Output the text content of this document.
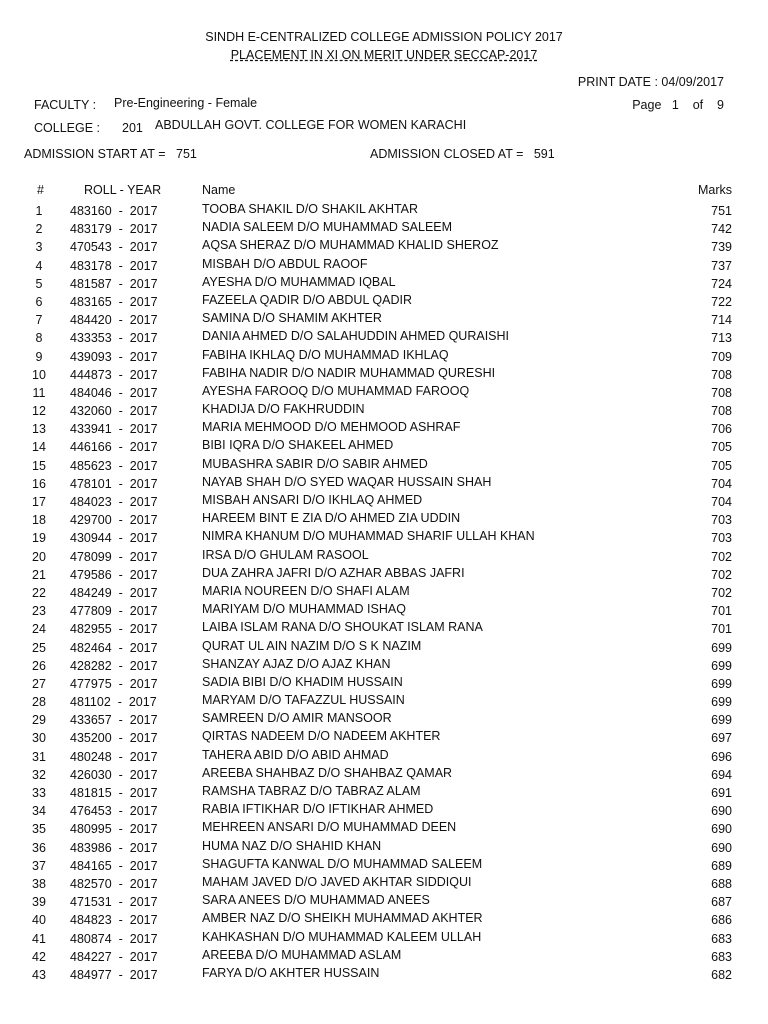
SINDH E-CENTRALIZED COLLEGE ADMISSION POLICY 2017
PLACEMENT IN XI ON MERIT UNDER SECCAP-2017
PRINT DATE : 04/09/2017
FACULTY : Pre-Engineering - Female	Page 1 of 9
COLLEGE : 201 ABDULLAH GOVT. COLLEGE FOR WOMEN KARACHI
ADMISSION START AT =   751	ADMISSION CLOSED AT =   591
#	ROLL - YEAR	Name	Marks
1	483160  -  2017	TOOBA SHAKIL D/O SHAKIL AKHTAR	751
2	483179  -  2017	NADIA SALEEM D/O MUHAMMAD SALEEM	742
3	470543  -  2017	AQSA SHERAZ D/O MUHAMMAD KHALID SHEROZ	739
4	483178  -  2017	MISBAH D/O ABDUL RAOOF	737
5	481587  -  2017	AYESHA D/O MUHAMMAD IQBAL	724
6	483165  -  2017	FAZEELA QADIR D/O ABDUL QADIR	722
7	484420  -  2017	SAMINA D/O SHAMIM AKHTER	714
8	433353  -  2017	DANIA AHMED D/O SALAHUDDIN AHMED QURAISHI	713
9	439093  -  2017	FABIHA IKHLAQ D/O MUHAMMAD IKHLAQ	709
10	444873  -  2017	FABIHA NADIR D/O NADIR MUHAMMAD QURESHI	708
11	484046  -  2017	AYESHA FAROOQ D/O MUHAMMAD FAROOQ	708
12	432060  -  2017	KHADIJA D/O FAKHRUDDIN	708
13	433941  -  2017	MARIA MEHMOOD D/O MEHMOOD ASHRAF	706
14	446166  -  2017	BIBI IQRA D/O SHAKEEL AHMED	705
15	485623  -  2017	MUBASHRA SABIR D/O SABIR AHMED	705
16	478101  -  2017	NAYAB SHAH D/O SYED WAQAR HUSSAIN SHAH	704
17	484023  -  2017	MISBAH ANSARI D/O IKHLAQ AHMED	704
18	429700  -  2017	HAREEM BINT E ZIA D/O AHMED ZIA UDDIN	703
19	430944  -  2017	NIMRA KHANUM D/O MUHAMMAD SHARIF ULLAH KHAN	703
20	478099  -  2017	IRSA D/O GHULAM RASOOL	702
21	479586  -  2017	DUA ZAHRA JAFRI D/O AZHAR ABBAS JAFRI	702
22	484249  -  2017	MARIA NOUREEN D/O SHAFI ALAM	702
23	477809  -  2017	MARIYAM D/O MUHAMMAD ISHAQ	701
24	482955  -  2017	LAIBA ISLAM RANA D/O SHOUKAT ISLAM RANA	701
25	482464  -  2017	QURAT UL AIN NAZIM D/O S K NAZIM	699
26	428282  -  2017	SHANZAY AJAZ D/O AJAZ KHAN	699
27	477975  -  2017	SADIA BIBI D/O KHADIM HUSSAIN	699
28	481102  -  2017	MARYAM D/O TAFAZZUL HUSSAIN	699
29	433657  -  2017	SAMREEN D/O AMIR MANSOOR	699
30	435200  -  2017	QIRTAS NADEEM D/O NADEEM AKHTER	697
31	480248  -  2017	TAHERA ABID D/O ABID AHMAD	696
32	426030  -  2017	AREEBA SHAHBAZ D/O SHAHBAZ QAMAR	694
33	481815  -  2017	RAMSHA TABRAZ D/O TABRAZ ALAM	691
34	476453  -  2017	RABIA IFTIKHAR D/O IFTIKHAR AHMED	690
35	480995  -  2017	MEHREEN ANSARI D/O MUHAMMAD DEEN	690
36	483986  -  2017	HUMA NAZ D/O SHAHID KHAN	690
37	484165  -  2017	SHAGUFTA KANWAL D/O MUHAMMAD SALEEM	689
38	482570  -  2017	MAHAM JAVED D/O JAVED AKHTAR SIDDIQUI	688
39	471531  -  2017	SARA ANEES D/O MUHAMMAD ANEES	687
40	484823  -  2017	AMBER NAZ D/O SHEIKH MUHAMMAD AKHTER	686
41	480874  -  2017	KAHKASHAN D/O MUHAMMAD KALEEM ULLAH	683
42	484227  -  2017	AREEBA D/O MUHAMMAD ASLAM	683
43	484977  -  2017	FARYA D/O AKHTER HUSSAIN	682
